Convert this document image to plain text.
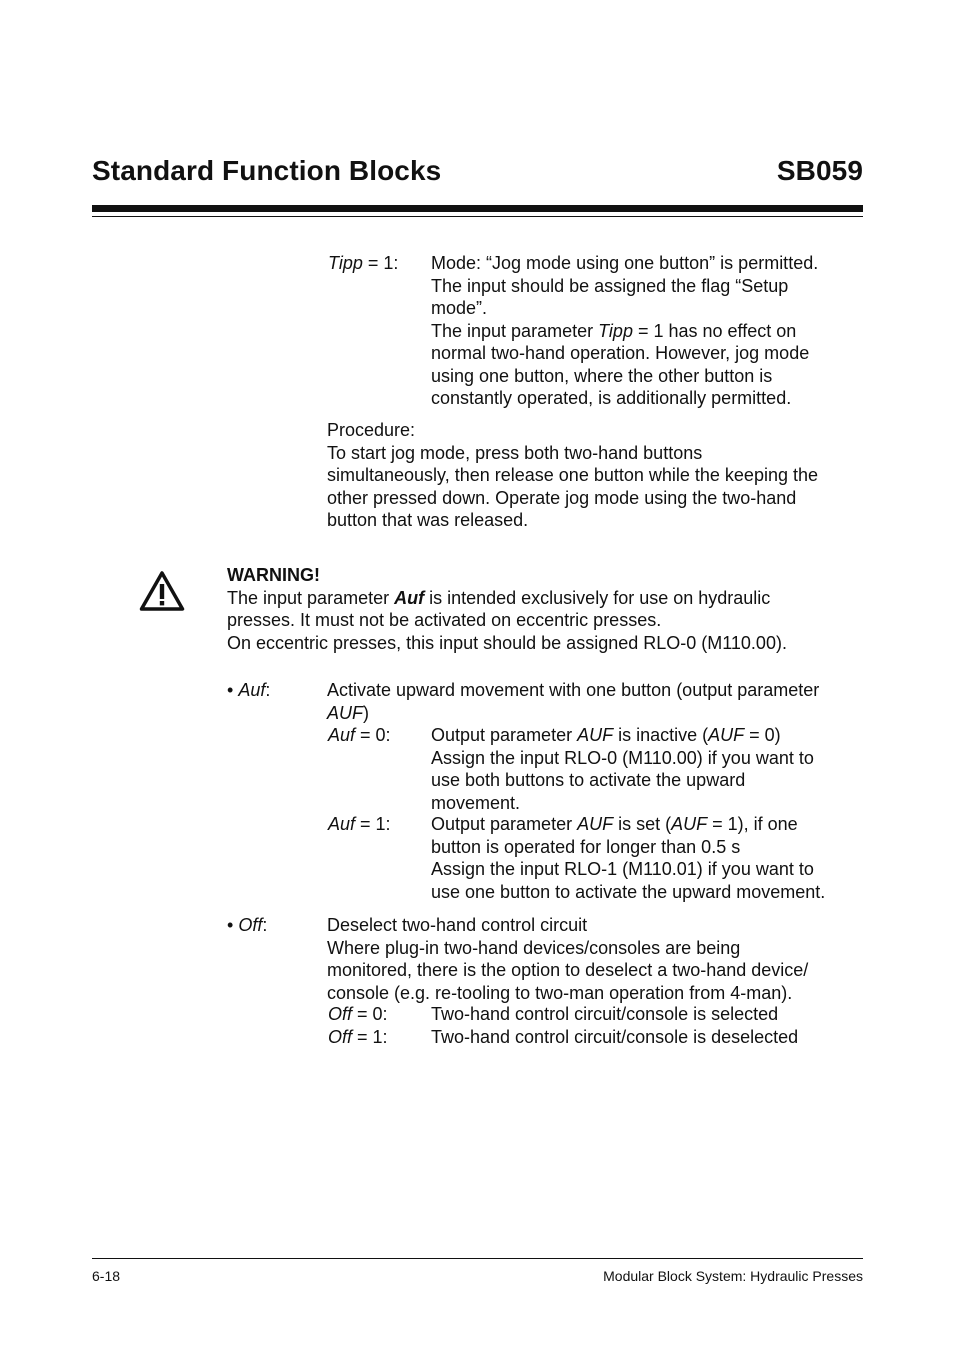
Standard Function Blocks	SB059
Tipp = 1: Mode: “Jog mode using one button” is permitted.
The input should be assigned the flag “Setup
mode”.
The input parameter Tipp = 1 has no effect on
normal two-hand operation. However, jog mode
using one button, where the other button is
constantly operated, is additionally permitted.
Procedure:
To start jog mode, press both two-hand buttons
simultaneously, then release one button while the keeping the
other pressed down. Operate jog mode using the two-hand
button that was released.
WARNING!
The input parameter Auf is intended exclusively for use on hydraulic
presses. It must not be activated on eccentric presses.
On eccentric presses, this input should be assigned RLO-0 (M110.00).
• Auf:	Activate upward movement with one button (output parameter
AUF)
Auf = 0: Output parameter AUF is inactive (AUF = 0)
Assign the input RLO-0 (M110.00) if you want to
use both buttons to activate the upward
movement.
Auf = 1: Output parameter AUF is set (AUF = 1), if one
button is operated for longer than 0.5 s
Assign the input RLO-1 (M110.01) if you want to
use one button to activate the upward movement.
• Off:	Deselect two-hand control circuit
Where plug-in two-hand devices/consoles are being
monitored, there is the option to deselect a two-hand device/
console (e.g. re-tooling to two-man operation from 4-man).
Off = 0: Two-hand control circuit/console is selected
Off = 1: Two-hand control circuit/console is deselected
6-18	Modular Block System: Hydraulic Presses
